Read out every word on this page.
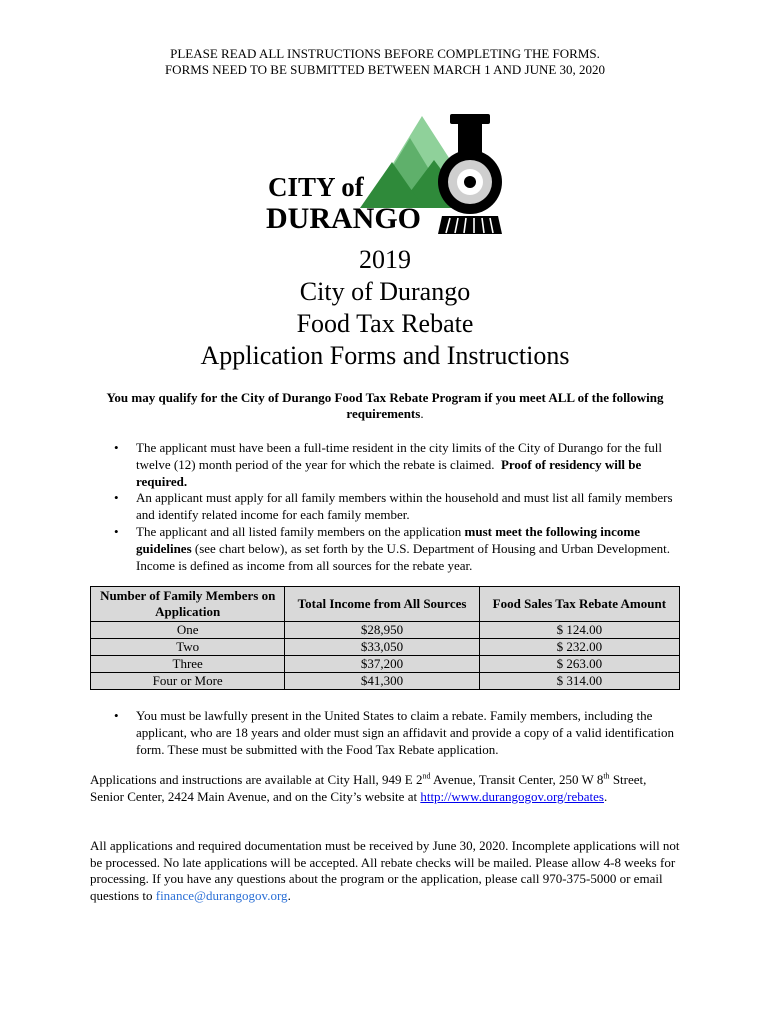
PLEASE READ ALL INSTRUCTIONS BEFORE COMPLETING THE FORMS.
FORMS NEED TO BE SUBMITTED BETWEEN MARCH 1 AND JUNE 30, 2020
CITY of
DURANGO
2019
City of Durango
Food Tax Rebate
Application Forms and Instructions
You may qualify for the City of Durango Food Tax Rebate Program if you meet ALL of the following requirements.
• The applicant must have been a full-time resident in the city limits of the City of Durango for the full twelve (12) month period of the year for which the rebate is claimed. Proof of residency will be required.
• An applicant must apply for all family members within the household and must list all family members and identify related income for each family member.
• The applicant and all listed family members on the application must meet the following income guidelines (see chart below), as set forth by the U.S. Department of Housing and Urban Development. Income is defined as income from all sources for the rebate year.
Number of Family Members on Application	Total Income from All Sources	Food Sales Tax Rebate Amount
One	$28,950	$ 124.00
Two	$33,050	$ 232.00
Three	$37,200	$ 263.00
Four or More	$41,300	$ 314.00
• You must be lawfully present in the United States to claim a rebate. Family members, including the applicant, who are 18 years and older must sign an affidavit and provide a copy of a valid identification form. These must be submitted with the Food Tax Rebate application.
Applications and instructions are available at City Hall, 949 E 2nd Avenue, Transit Center, 250 W 8th Street, Senior Center, 2424 Main Avenue, and on the City’s website at http://www.durangogov.org/rebates.
All applications and required documentation must be received by June 30, 2020. Incomplete applications will not be processed. No late applications will be accepted. All rebate checks will be mailed. Please allow 4-8 weeks for processing. If you have any questions about the program or the application, please call 970-375-5000 or email questions to finance@durangogov.org.
